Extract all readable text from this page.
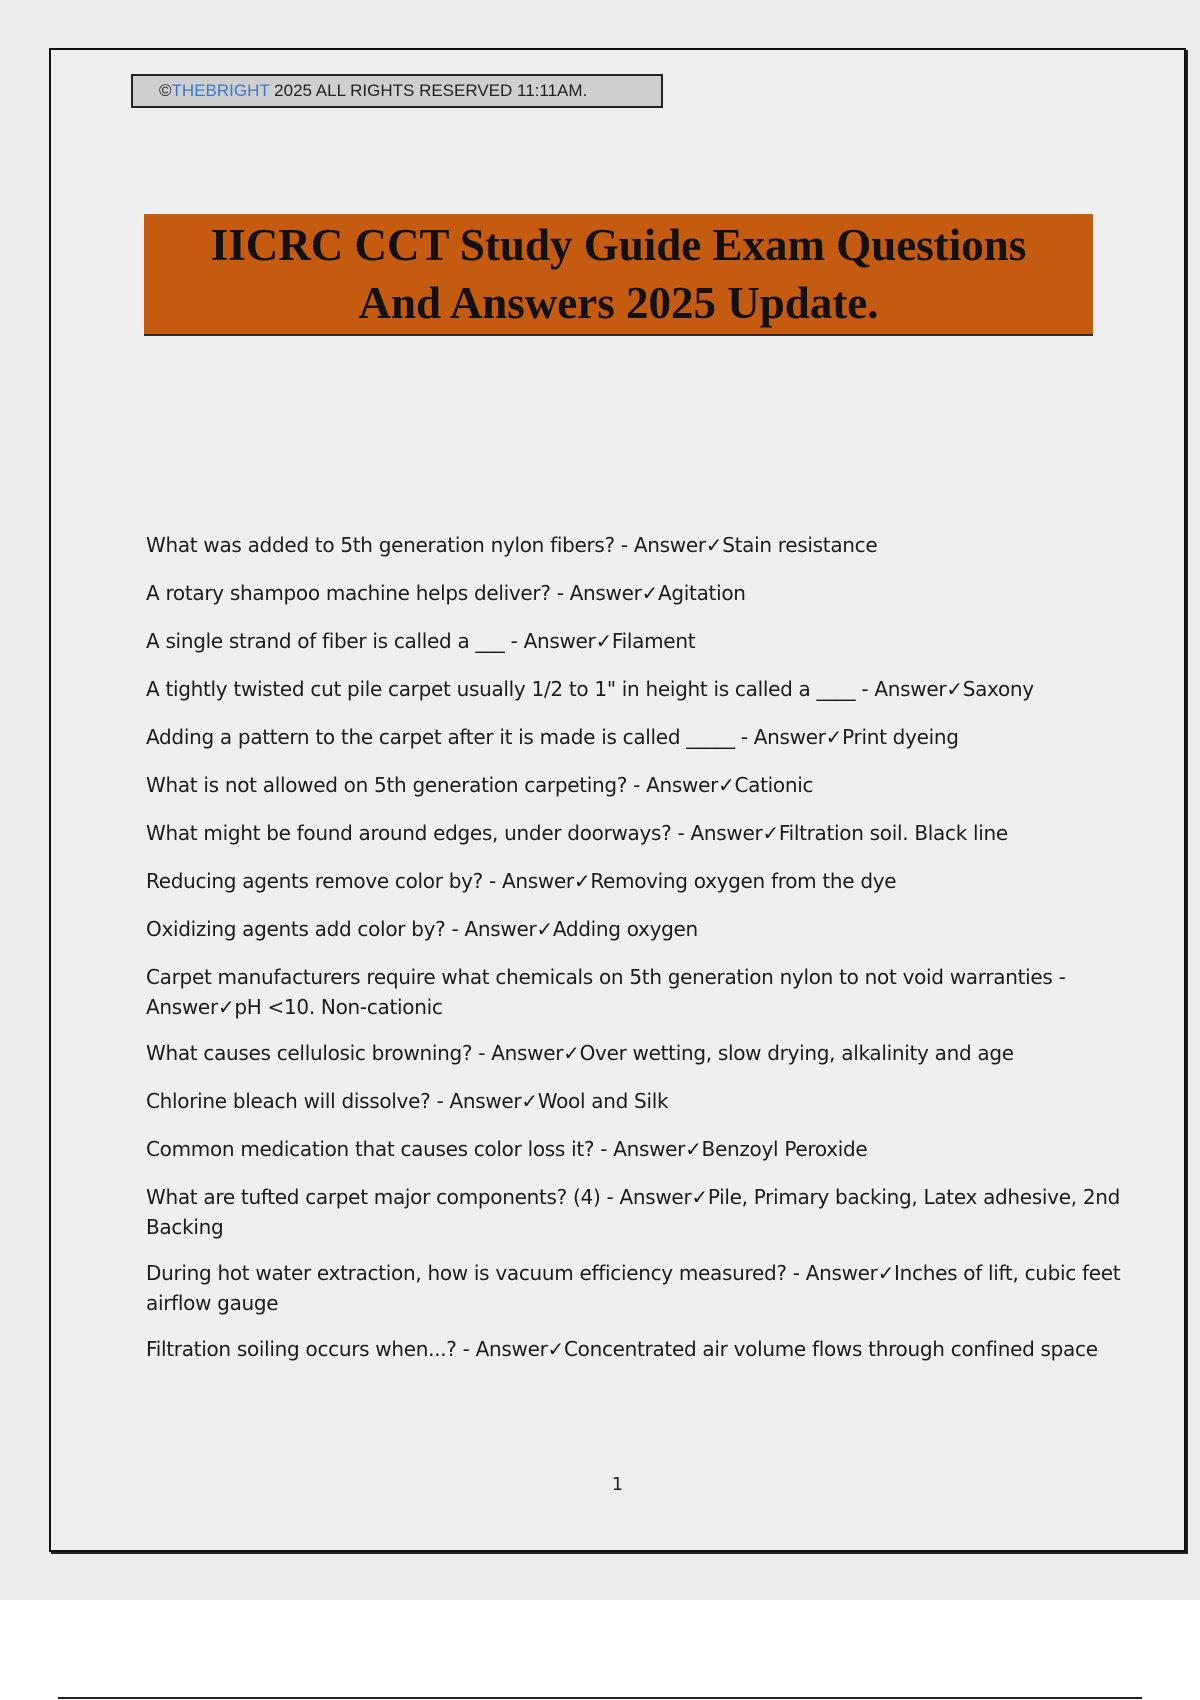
©THEBRIGHT 2025 ALL RIGHTS RESERVED 11:11AM.
IICRC CCT Study Guide Exam Questions
And Answers 2025 Update.
What was added to 5th generation nylon fibers? - Answer✓Stain resistance
A rotary shampoo machine helps deliver? - Answer✓Agitation
A single strand of fiber is called a ___ - Answer✓Filament
A tightly twisted cut pile carpet usually 1/2 to 1" in height is called a ____ - Answer✓Saxony
Adding a pattern to the carpet after it is made is called _____ - Answer✓Print dyeing
What is not allowed on 5th generation carpeting? - Answer✓Cationic
What might be found around edges, under doorways? - Answer✓Filtration soil. Black line
Reducing agents remove color by? - Answer✓Removing oxygen from the dye
Oxidizing agents add color by? - Answer✓Adding oxygen
Carpet manufacturers require what chemicals on 5th generation nylon to not void warranties - Answer✓pH <10. Non-cationic
What causes cellulosic browning? - Answer✓Over wetting, slow drying, alkalinity and age
Chlorine bleach will dissolve? - Answer✓Wool and Silk
Common medication that causes color loss it? - Answer✓Benzoyl Peroxide
What are tufted carpet major components? (4) - Answer✓Pile, Primary backing, Latex adhesive, 2nd Backing
During hot water extraction, how is vacuum efficiency measured? - Answer✓Inches of lift, cubic feet airflow gauge
Filtration soiling occurs when...? - Answer✓Concentrated air volume flows through confined space
1
